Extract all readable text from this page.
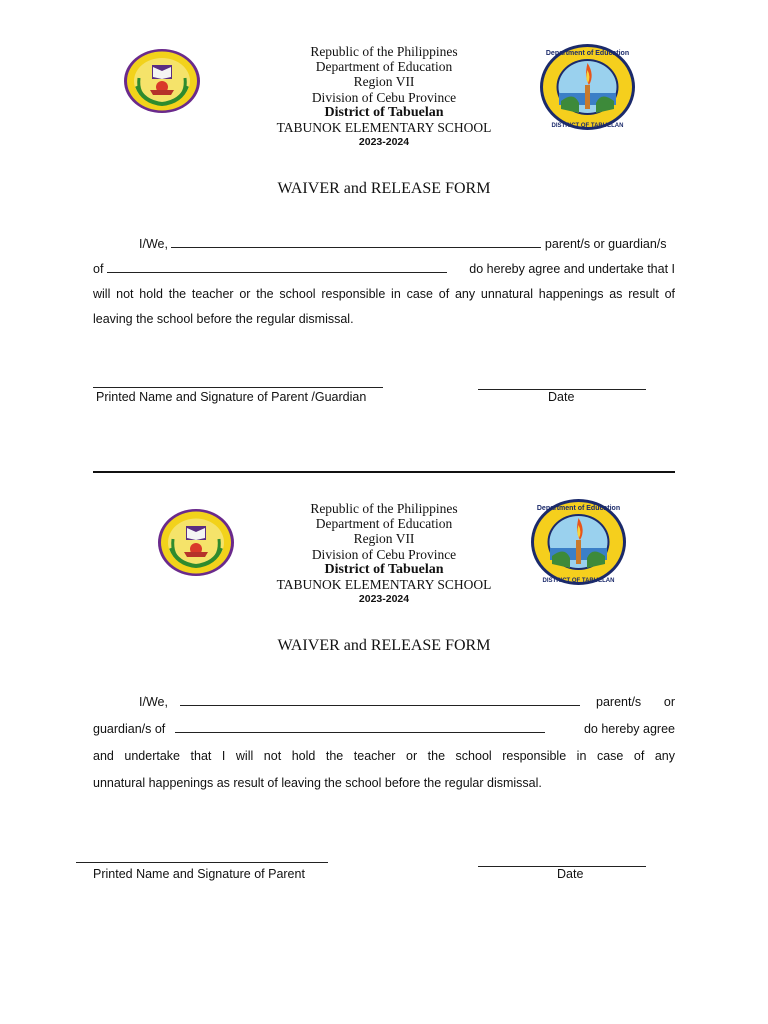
Department of Education
DISTRICT OF TABUELAN
Republic of the Philippines
Department of Education
Region VII
Division of Cebu Province
District of Tabuelan
TABUNOK ELEMENTARY SCHOOL
2023-2024
WAIVER and RELEASE FORM
I/We,	parent/s or guardian/s
of	do hereby agree and undertake that I
will not hold the teacher or the school responsible in case of any unnatural happenings as result of
leaving the school before the regular dismissal.
Printed Name and Signature of Parent /Guardian	Date
Department of Education
DISTRICT OF TABUELAN
Republic of the Philippines
Department of Education
Region VII
Division of Cebu Province
District of Tabuelan
TABUNOK ELEMENTARY SCHOOL
2023-2024
WAIVER and RELEASE FORM
I/We,	parent/s or
guardian/s of	do hereby agree
and undertake that I will not hold the teacher or the school responsible in case of any
unnatural happenings as result of leaving the school before the regular dismissal.
Printed Name and Signature of Parent	Date
